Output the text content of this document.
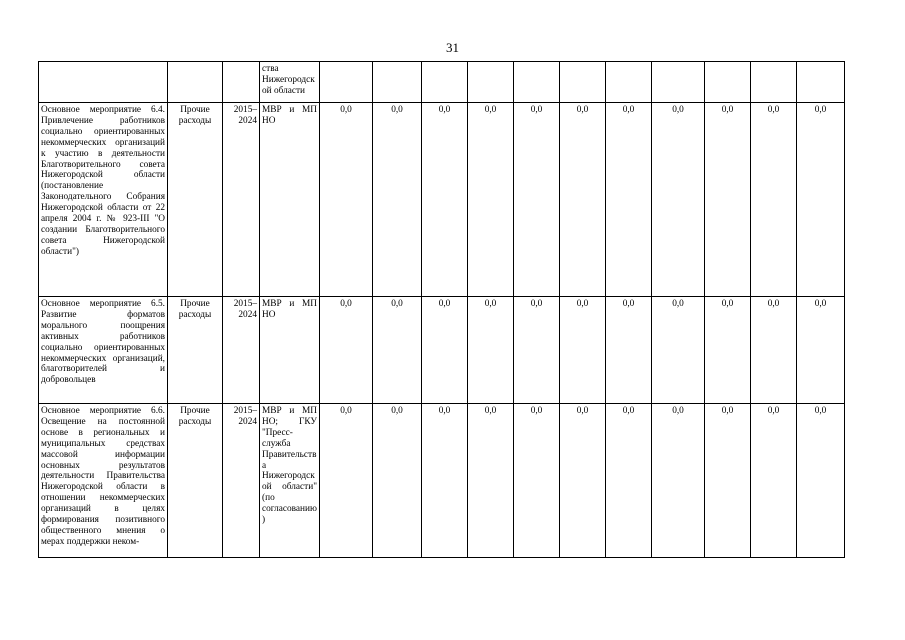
31
			ства Нижегородской области											
Основное мероприятие 6.4. Привлечение работников социально ориентированных некоммерческих организаций к участию в деятельности Благотворительного совета Нижегородской области (постановление Законодательного Собрания Нижегородской области от 22 апреля 2004 г. № 923-III "О создании Благотворительного совета Нижегородской области")	Прочие расходы	2015–2024	МВР и МП НО	0,0	0,0	0,0	0,0	0,0	0,0	0,0	0,0	0,0	0,0	0,0
Основное мероприятие 6.5. Развитие форматов морального поощрения активных работников социально ориентированных некоммерческих организаций, благотворителей и добровольцев	Прочие расходы	2015–2024	МВР и МП НО	0,0	0,0	0,0	0,0	0,0	0,0	0,0	0,0	0,0	0,0	0,0
Основное мероприятие 6.6. Освещение на постоянной основе в региональных и муниципальных средствах массовой информации основных результатов деятельности Правительства Нижегородской области в отношении некоммерческих организаций в целях формирования позитивного общественного мнения о мерах поддержки неком-	Прочие расходы	2015–2024	МВР и МП НО; ГКУ "Пресс-служба Правительства Нижегородской области" (по согласованию)	0,0	0,0	0,0	0,0	0,0	0,0	0,0	0,0	0,0	0,0	0,0
